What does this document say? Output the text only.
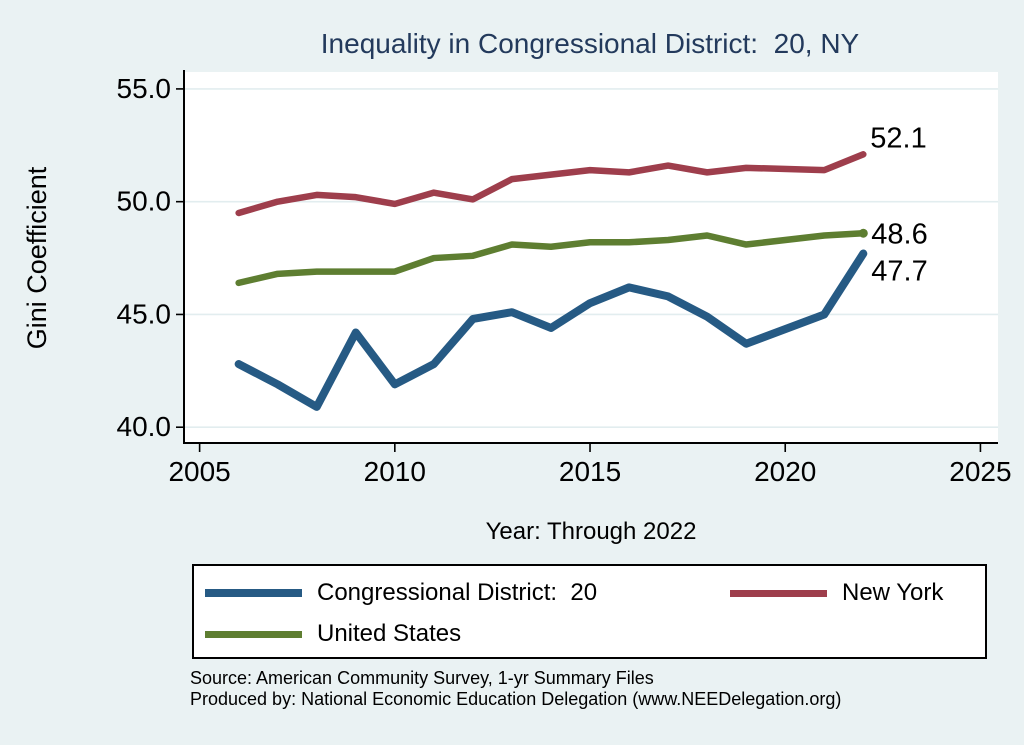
Inequality in Congressional District:  20, NY
55.0
50.0
45.0
40.0
2005	2010	2015	2020	2025
52.1
48.6
47.7
Gini Coefficient
Year: Through 2022
Congressional District:  20	New York
United States
Source: American Community Survey, 1-yr Summary Files
Produced by: National Economic Education Delegation (www.NEEDelegation.org)
